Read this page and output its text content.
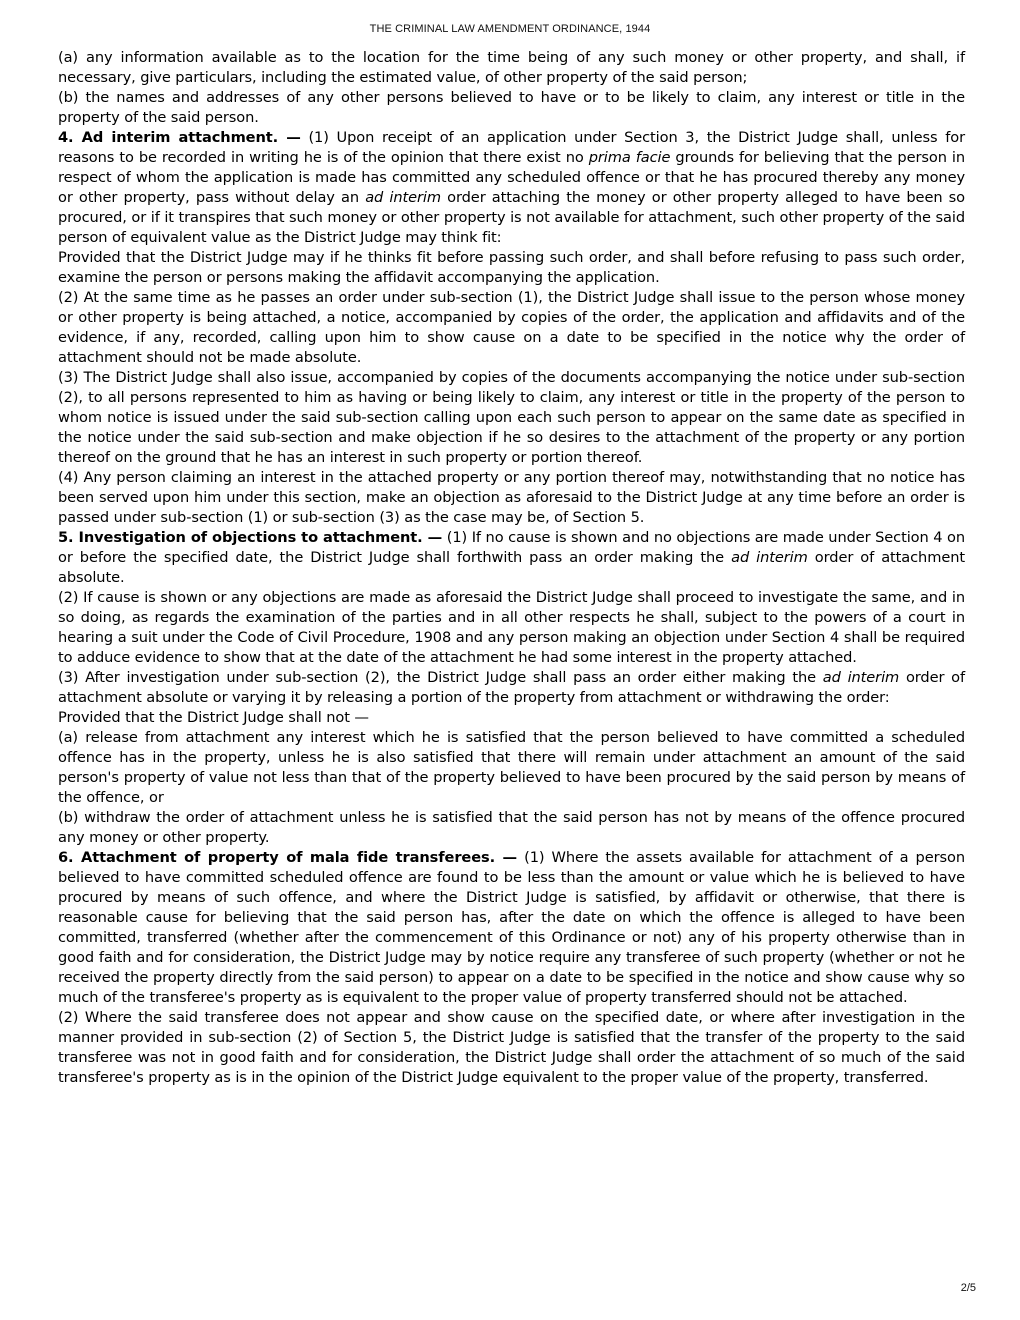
THE CRIMINAL LAW AMENDMENT ORDINANCE, 1944

(a) any information available as to the location for the time being of any such money or other property, and shall, if necessary, give particulars, including the estimated value, of other property of the said person;

(b) the names and addresses of any other persons believed to have or to be likely to claim, any interest or title in the property of the said person.

4. Ad interim attachment. — (1) Upon receipt of an application under Section 3, the District Judge shall, unless for reasons to be recorded in writing he is of the opinion that there exist no prima facie grounds for believing that the person in respect of whom the application is made has committed any scheduled offence or that he has procured thereby any money or other property, pass without delay an ad interim order attaching the money or other property alleged to have been so procured, or if it transpires that such money or other property is not available for attachment, such other property of the said person of equivalent value as the District Judge may think fit:

Provided that the District Judge may if he thinks fit before passing such order, and shall before refusing to pass such order, examine the person or persons making the affidavit accompanying the application.

(2) At the same time as he passes an order under sub-section (1), the District Judge shall issue to the person whose money or other property is being attached, a notice, accompanied by copies of the order, the application and affidavits and of the evidence, if any, recorded, calling upon him to show cause on a date to be specified in the notice why the order of attachment should not be made absolute.

(3) The District Judge shall also issue, accompanied by copies of the documents accompanying the notice under sub-section (2), to all persons represented to him as having or being likely to claim, any interest or title in the property of the person to whom notice is issued under the said sub-section calling upon each such person to appear on the same date as specified in the notice under the said sub-section and make objection if he so desires to the attachment of the property or any portion thereof on the ground that he has an interest in such property or portion thereof.

(4) Any person claiming an interest in the attached property or any portion thereof may, notwithstanding that no notice has been served upon him under this section, make an objection as aforesaid to the District Judge at any time before an order is passed under sub-section (1) or sub-section (3) as the case may be, of Section 5.

5. Investigation of objections to attachment. — (1) If no cause is shown and no objections are made under Section 4 on or before the specified date, the District Judge shall forthwith pass an order making the ad interim order of attachment absolute.

(2) If cause is shown or any objections are made as aforesaid the District Judge shall proceed to investigate the same, and in so doing, as regards the examination of the parties and in all other respects he shall, subject to the powers of a court in hearing a suit under the Code of Civil Procedure, 1908 and any person making an objection under Section 4 shall be required to adduce evidence to show that at the date of the attachment he had some interest in the property attached.

(3) After investigation under sub-section (2), the District Judge shall pass an order either making the ad interim order of attachment absolute or varying it by releasing a portion of the property from attachment or withdrawing the order:

Provided that the District Judge shall not —

(a) release from attachment any interest which he is satisfied that the person believed to have committed a scheduled offence has in the property, unless he is also satisfied that there will remain under attachment an amount of the said person's property of value not less than that of the property believed to have been procured by the said person by means of the offence, or

(b) withdraw the order of attachment unless he is satisfied that the said person has not by means of the offence procured any money or other property.

6. Attachment of property of mala fide transferees. — (1) Where the assets available for attachment of a person believed to have committed scheduled offence are found to be less than the amount or value which he is believed to have procured by means of such offence, and where the District Judge is satisfied, by affidavit or otherwise, that there is reasonable cause for believing that the said person has, after the date on which the offence is alleged to have been committed, transferred (whether after the commencement of this Ordinance or not) any of his property otherwise than in good faith and for consideration, the District Judge may by notice require any transferee of such property (whether or not he received the property directly from the said person) to appear on a date to be specified in the notice and show cause why so much of the transferee's property as is equivalent to the proper value of property transferred should not be attached.

(2) Where the said transferee does not appear and show cause on the specified date, or where after investigation in the manner provided in sub-section (2) of Section 5, the District Judge is satisfied that the transfer of the property to the said transferee was not in good faith and for consideration, the District Judge shall order the attachment of so much of the said transferee's property as is in the opinion of the District Judge equivalent to the proper value of the property, transferred.

2/5
